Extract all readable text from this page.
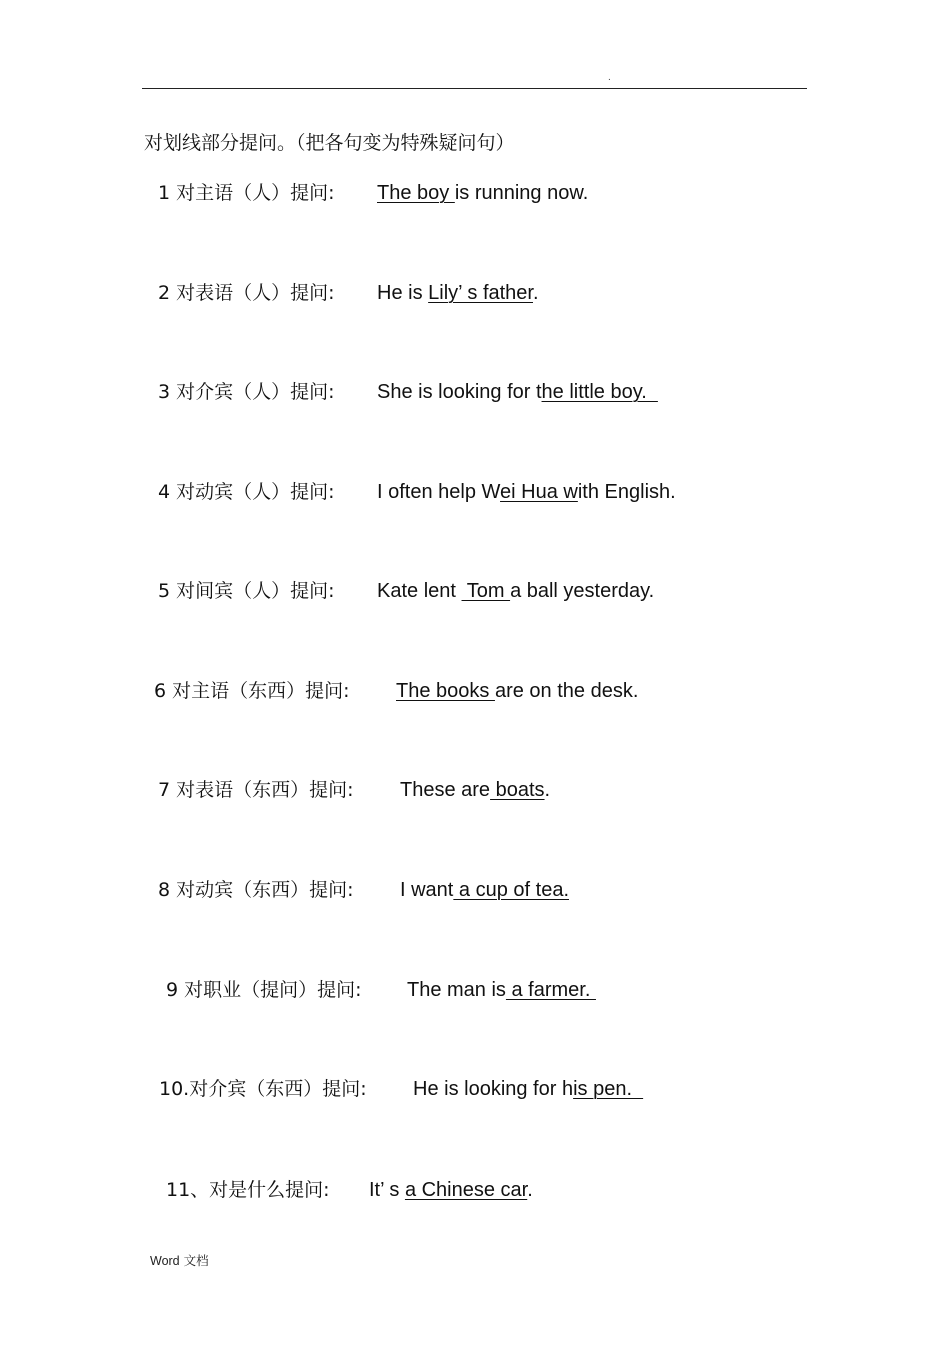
.
对划线部分提问。（把各句变为特殊疑问句）
1 对主语（人）提问: The boy is running now.
2 对表语（人）提问: He is Lily’ s father.
3 对介宾（人）提问: She is looking for the little boy.
4 对动宾（人）提问: I often help Wei Hua with English.
5 对间宾（人）提问: Kate lent  Tom a ball yesterday.
6 对主语（东西）提问: The books are on the desk.
7 对表语（东西）提问: These are boats.
8 对动宾（东西）提问: I want a cup of tea.
9 对职业（提问）提问: The man is a farmer.
10.对介宾（东西）提问: He is looking for his pen.
11、对是什么提问: It’ s a Chinese car.
Word 文档
